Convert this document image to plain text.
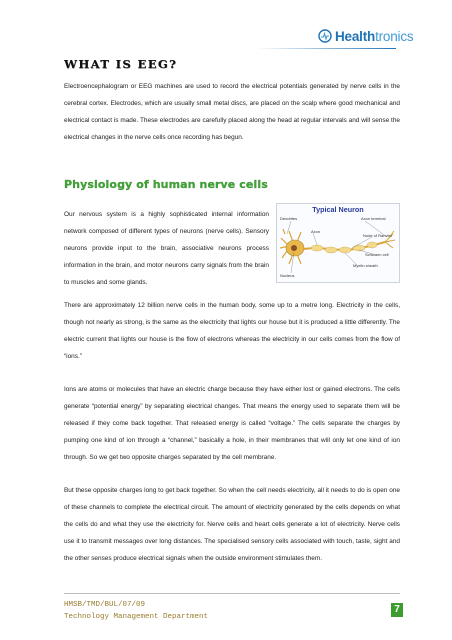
Healthtronics
WHAT IS EEG?
Electroencephalogram or EEG machines are used to record the electrical potentials generated by nerve cells in the cerebral cortex. Electrodes, which are usually small metal discs, are placed on the scalp where good mechanical and electrical contact is made. These electrodes are carefully placed along the head at regular intervals and will sense the electrical changes in the nerve cells once recording has begun.
Physiology of human nerve cells
Our nervous system is a highly sophisticated internal information network composed of different types of neurons (nerve cells). Sensory neurons provide input to the brain, associative neurons process information in the brain, and motor neurons carry signals from the brain to muscles and some glands.
Typical Neuron
Dendrites	Axon terminal
Axon
Node of Ranvier
Schwann cell
Nucleus
Myelin sheath
There are approximately 12 billion nerve cells in the human body, some up to a metre long. Electricity in the cells, though not nearly as strong, is the same as the electricity that lights our house but it is produced a little differently. The electric current that lights our house is the flow of electrons whereas the electricity in our cells comes from the flow of “ions.”
Ions are atoms or molecules that have an electric charge because they have either lost or gained electrons. The cells generate “potential energy” by separating electrical changes. That means the energy used to separate them will be released if they come back together. That released energy is called “voltage.” The cells separate the charges by pumping one kind of ion through a “channel,” basically a hole, in their membranes that will only let one kind of ion through. So we get two opposite charges separated by the cell membrane.
But these opposite charges long to get back together. So when the cell needs electricity, all it needs to do is open one of these channels to complete the electrical circuit. The amount of electricity generated by the cells depends on what the cells do and what they use the electricity for. Nerve cells and heart cells generate a lot of electricity. Nerve cells use it to transmit messages over long distances. The specialised sensory cells associated with touch, taste, sight and the other senses produce electrical signals when the outside environment stimulates them.
HMSB/TMD/BUL/07/09
Technology Management Department
7
